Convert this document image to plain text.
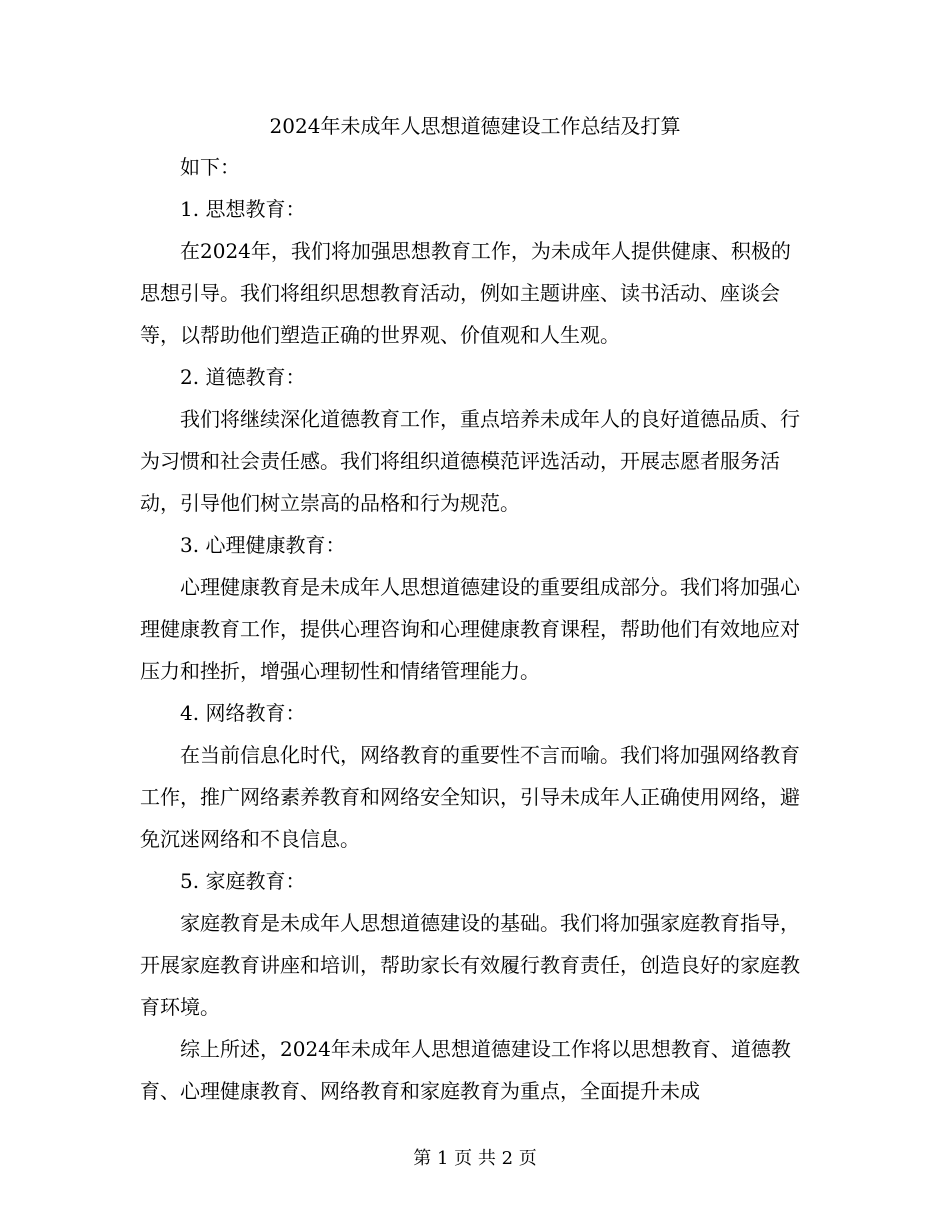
2024年未成年人思想道德建设工作总结及打算

如下：

1. 思想教育：

在2024年，我们将加强思想教育工作，为未成年人提供健康、积极的思想引导。我们将组织思想教育活动，例如主题讲座、读书活动、座谈会等，以帮助他们塑造正确的世界观、价值观和人生观。

2. 道德教育：

我们将继续深化道德教育工作，重点培养未成年人的良好道德品质、行为习惯和社会责任感。我们将组织道德模范评选活动，开展志愿者服务活动，引导他们树立崇高的品格和行为规范。

3. 心理健康教育：

心理健康教育是未成年人思想道德建设的重要组成部分。我们将加强心理健康教育工作，提供心理咨询和心理健康教育课程，帮助他们有效地应对压力和挫折，增强心理韧性和情绪管理能力。

4. 网络教育：

在当前信息化时代，网络教育的重要性不言而喻。我们将加强网络教育工作，推广网络素养教育和网络安全知识，引导未成年人正确使用网络，避免沉迷网络和不良信息。

5. 家庭教育：

家庭教育是未成年人思想道德建设的基础。我们将加强家庭教育指导，开展家庭教育讲座和培训，帮助家长有效履行教育责任，创造良好的家庭教育环境。

综上所述，2024年未成年人思想道德建设工作将以思想教育、道德教育、心理健康教育、网络教育和家庭教育为重点，全面提升未成

第 1 页 共 2 页
